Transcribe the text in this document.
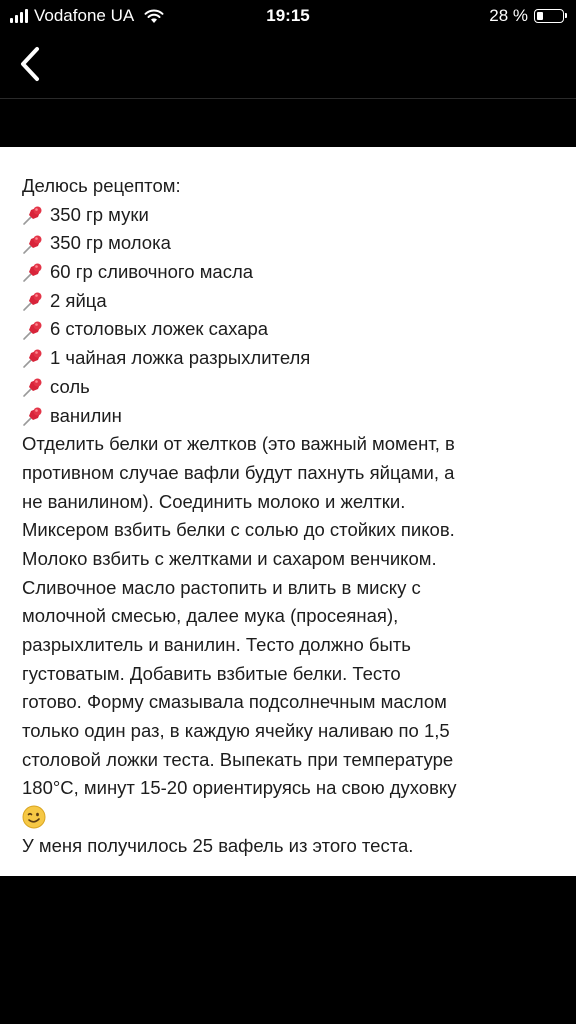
Vodafone UA	19:15	28 %
Делюсь рецептом:
350 гр муки
350 гр молока
60 гр сливочного масла
2 яйца
6 столовых ложек сахара
1 чайная ложка разрыхлителя
соль
ванилин
Отделить белки от желтков (это важный момент, в
противном случае вафли будут пахнуть яйцами, а
не ванилином). Соединить молоко и желтки.
Миксером взбить белки с солью до стойких пиков.
Молоко взбить с желтками и сахаром венчиком.
Сливочное масло растопить и влить в миску с
молочной смесью, далее мука (просеяная),
разрыхлитель и ванилин. Тесто должно быть
густоватым. Добавить взбитые белки. Тесто
готово. Форму смазывала подсолнечным маслом
только один раз, в каждую ячейку наливаю по 1,5
столовой ложки теста. Выпекать при температуре
180°С, минут 15-20 ориентируясь на свою духовку
У меня получилось 25 вафель из этого теста.
